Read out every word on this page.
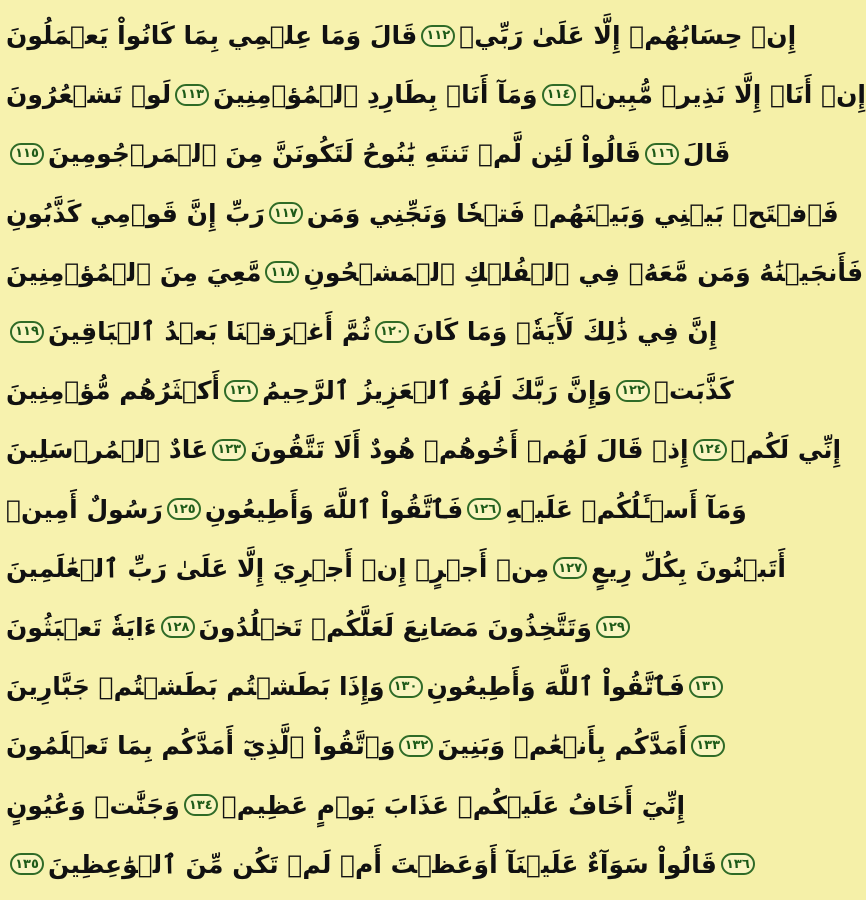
قَالَ وَمَا عِلۡمِي بِمَا كَانُواْ يَعۡمَلُونَ ١١٢ إِنۡ حِسَابُهُمۡ إِلَّا عَلَىٰ رَبِّيۖ
لَوۡ تَشۡعُرُونَ ١١٣ وَمَآ أَنَا۠ بِطَارِدِ ٱلۡمُؤۡمِنِينَ ١١٤ إِنۡ أَنَا۠ إِلَّا نَذِيرٞ مُّبِينٞ
١١٥ قَالُواْ لَئِن لَّمۡ تَنتَهِ يَٰنُوحُ لَتَكُونَنَّ مِنَ ٱلۡمَرۡجُومِينَ ١١٦ قَالَ
رَبِّ إِنَّ قَوۡمِي كَذَّبُونِ ١١٧ فَٱفۡتَحۡ بَيۡنِي وَبَيۡنَهُمۡ فَتۡحٗا وَنَجِّنِي وَمَن
مَّعِيَ مِنَ ٱلۡمُؤۡمِنِينَ ١١٨ فَأَنجَيۡنَٰهُ وَمَن مَّعَهُۥ فِي ٱلۡفُلۡكِ ٱلۡمَشۡحُونِ
١١٩ ثُمَّ أَغۡرَقۡنَا بَعۡدُ ٱلۡبَاقِينَ ١٢٠ إِنَّ فِي ذَٰلِكَ لَأٓيَةٗۖ وَمَا كَانَ
أَكۡثَرُهُم مُّؤۡمِنِينَ ١٢١ وَإِنَّ رَبَّكَ لَهُوَ ٱلۡعَزِيزُ ٱلرَّحِيمُ ١٢٢ كَذَّبَتۡ
عَادٌ ٱلۡمُرۡسَلِينَ ١٢٣ إِذۡ قَالَ لَهُمۡ أَخُوهُمۡ هُودٌ أَلَا تَتَّقُونَ ١٢٤ إِنِّي لَكُمۡ
رَسُولٌ أَمِينٞ ١٢٥ فَٱتَّقُواْ ٱللَّهَ وَأَطِيعُونِ ١٢٦ وَمَآ أَسۡـَٔلُكُمۡ عَلَيۡهِ
مِنۡ أَجۡرٍۖ إِنۡ أَجۡرِيَ إِلَّا عَلَىٰ رَبِّ ٱلۡعَٰلَمِينَ ١٢٧ أَتَبۡنُونَ بِكُلِّ رِيعٍ
ءَايَةٗ تَعۡبَثُونَ ١٢٨ وَتَتَّخِذُونَ مَصَانِعَ لَعَلَّكُمۡ تَخۡلُدُونَ ١٢٩
وَإِذَا بَطَشۡتُم بَطَشۡتُمۡ جَبَّارِينَ ١٣٠ فَٱتَّقُواْ ٱللَّهَ وَأَطِيعُونِ ١٣١
وَٱتَّقُواْ ٱلَّذِيٓ أَمَدَّكُم بِمَا تَعۡلَمُونَ ١٣٢ أَمَدَّكُم بِأَنۡعَٰمٖ وَبَنِينَ ١٣٣
وَجَنَّٰتٖ وَعُيُونٍ ١٣٤ إِنِّيٓ أَخَافُ عَلَيۡكُمۡ عَذَابَ يَوۡمٍ عَظِيمٖ
١٣٥ قَالُواْ سَوَآءٌ عَلَيۡنَآ أَوَعَظۡتَ أَمۡ لَمۡ تَكُن مِّنَ ٱلۡوَٰعِظِينَ ١٣٦
